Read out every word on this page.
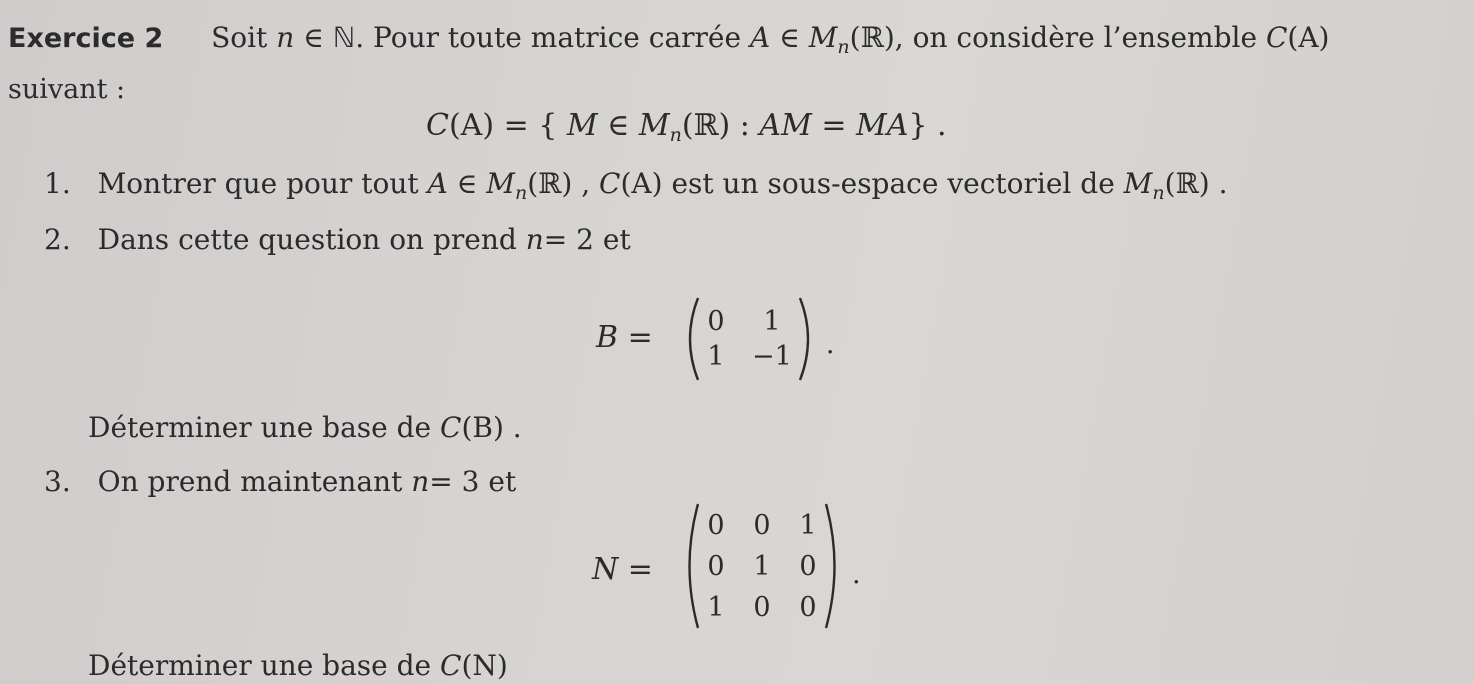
Exercice 2 Soit n ∈ ℕ. Pour toute matrice carrée A ∈ $M_n(ℝ)$, on considère l’ensemble C(A)
suivant :
C(A) = { M ∈ $M_n(ℝ)$ : AM = MA} .
1. Montrer que pour tout A ∈ $M_n(ℝ)$ , C(A) est un sous-espace vectoriel de $M_n(ℝ)$ .
2. Dans cette question on prend n= 2 et
B = 0	1
1 −1 .
Déterminer une base de C(B) .
3. On prend maintenant n= 3 et
N =
0 0 1
0 1 0
1 0 0
.
Déterminer une base de C(N)
